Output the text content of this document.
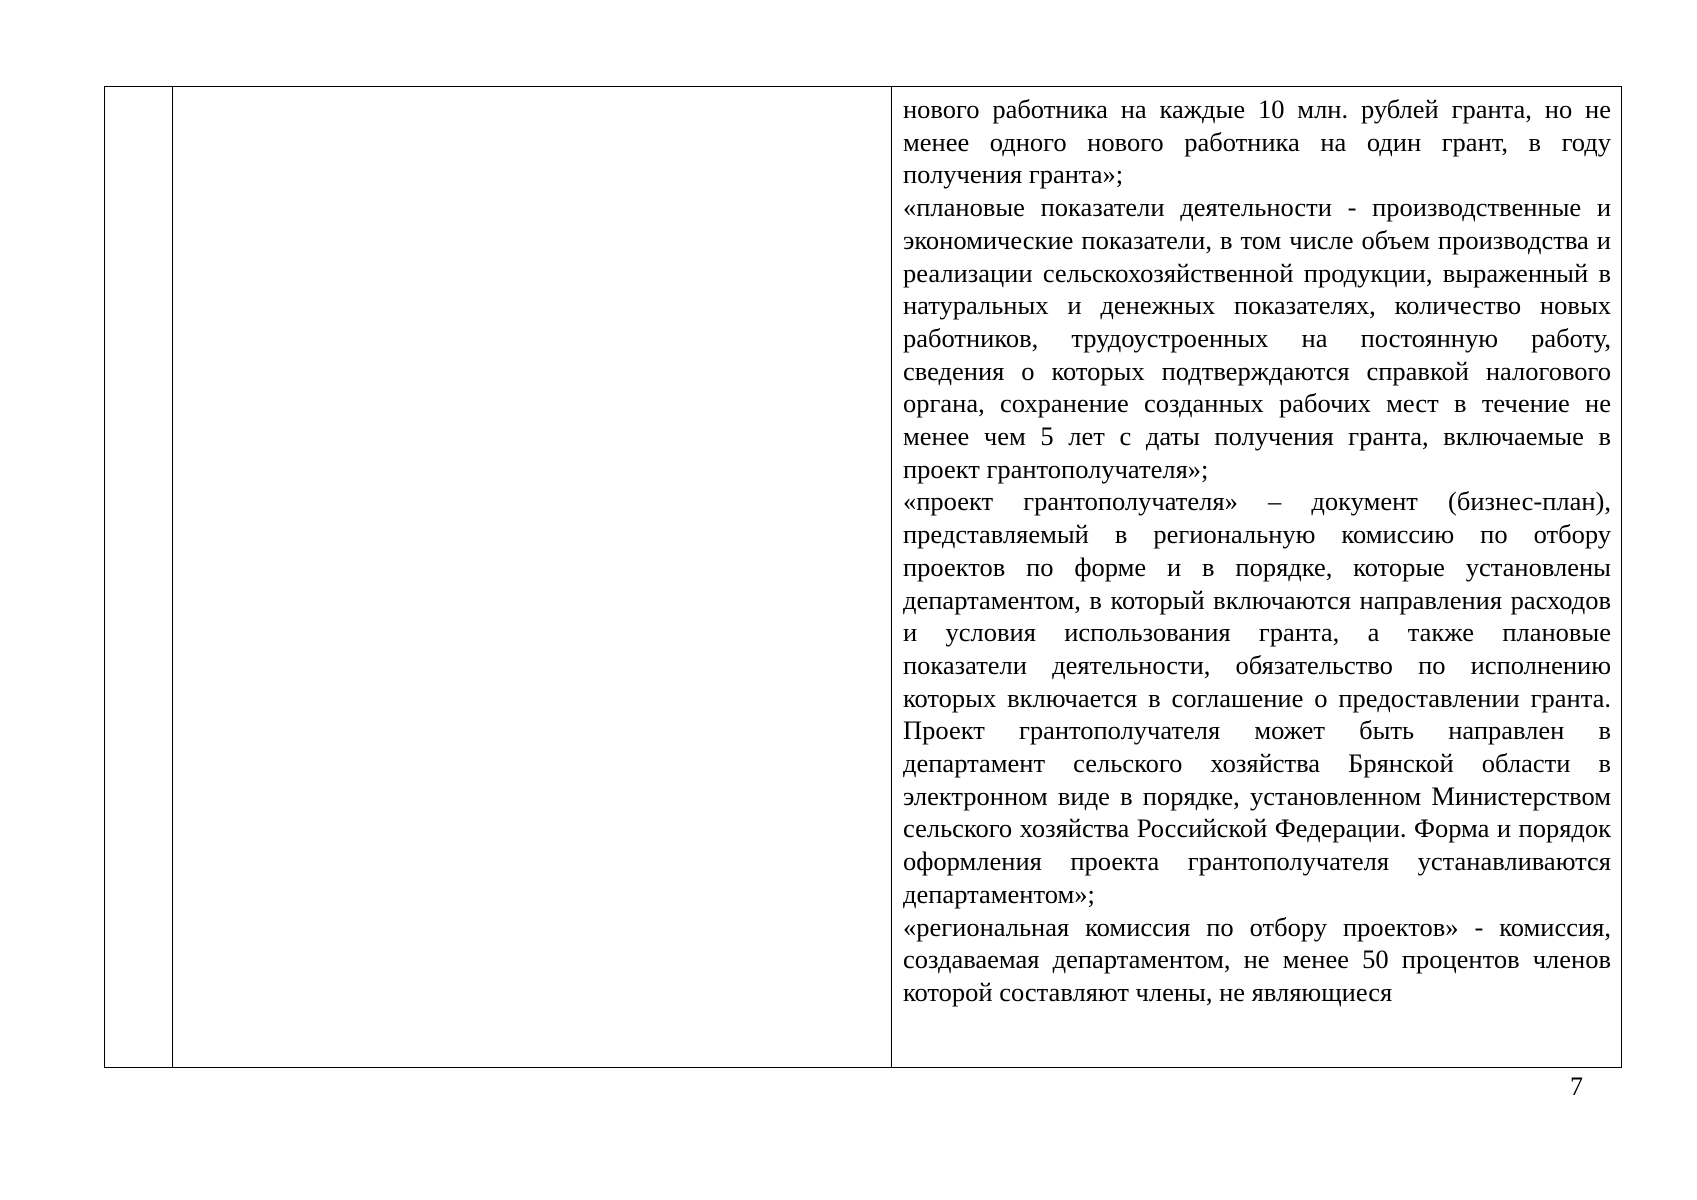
нового работника на каждые 10 млн. рублей гранта, но не менее одного нового работника на один грант, в году получения гранта»;

«плановые показатели деятельности - производственные и экономические показатели, в том числе объем производства и реализации сельскохозяйственной продукции, выраженный в натуральных и денежных показателях, количество новых работников, трудоустроенных на постоянную работу, сведения о которых подтверждаются справкой налогового органа, сохранение созданных рабочих мест в течение не менее чем 5 лет с даты получения гранта, включаемые в проект грантополучателя»;

«проект грантополучателя» – документ (бизнес-план), представляемый в региональную комиссию по отбору проектов по форме и в порядке, которые установлены департаментом, в который включаются направления расходов и условия использования гранта, а также плановые показатели деятельности, обязательство по исполнению которых включается в соглашение о предоставлении гранта. Проект грантополучателя может быть направлен в департамент сельского хозяйства Брянской области в электронном виде в порядке, установленном Министерством сельского хозяйства Российской Федерации. Форма и порядок оформления проекта грантополучателя устанавливаются департаментом»;

«региональная комиссия по отбору проектов» - комиссия, создаваемая департаментом, не менее 50 процентов членов которой составляют члены, не являющиеся

7
